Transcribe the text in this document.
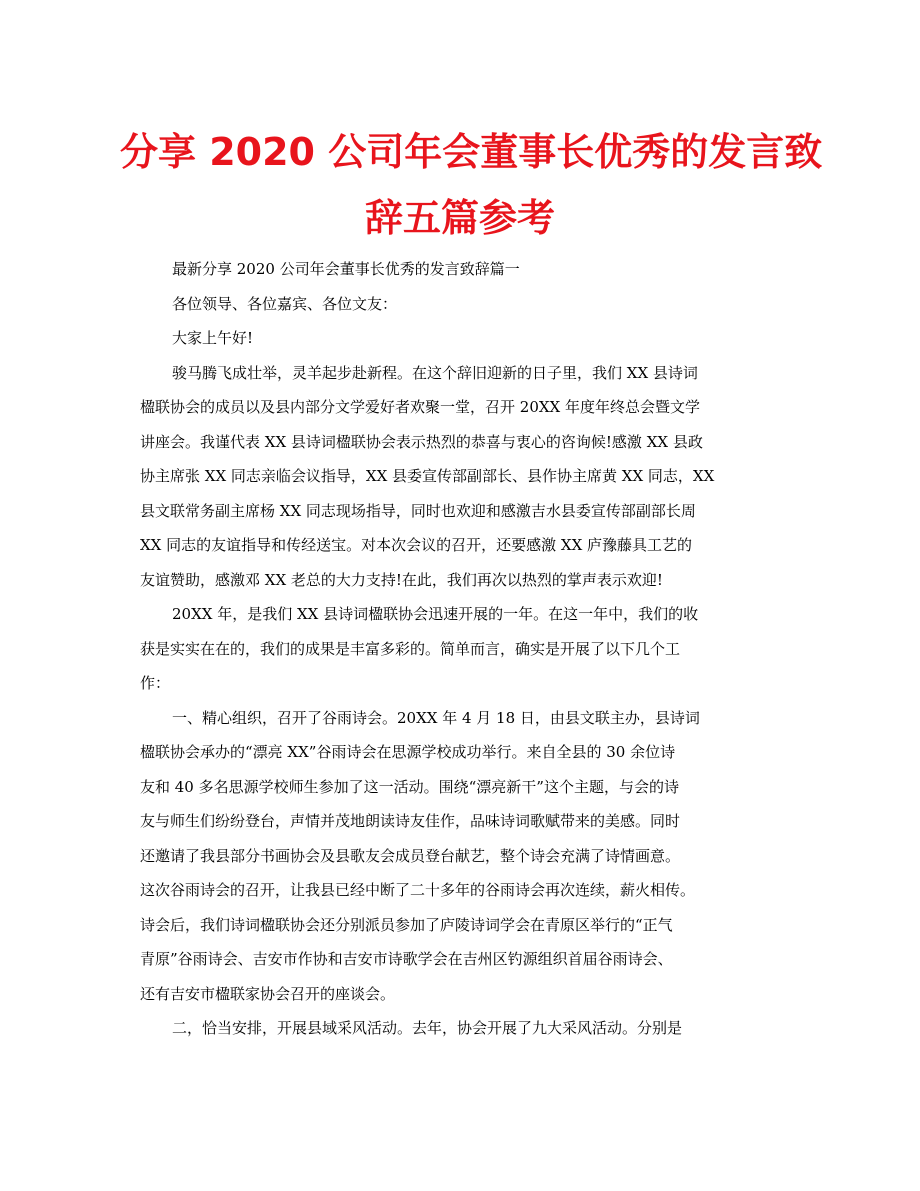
分享 2020 公司年会董事长优秀的发言致
辞五篇参考
最新分享 2020 公司年会董事长优秀的发言致辞篇一
各位领导、各位嘉宾、各位文友：
大家上午好!
骏马腾飞成壮举，灵羊起步赴新程。在这个辞旧迎新的日子里，我们 XX 县诗词
楹联协会的成员以及县内部分文学爱好者欢聚一堂，召开 20XX 年度年终总会暨文学
讲座会。我谨代表 XX 县诗词楹联协会表示热烈的恭喜与衷心的咨询候!感激 XX 县政
协主席张 XX 同志亲临会议指导，XX 县委宣传部副部长、县作协主席黄 XX 同志，XX
县文联常务副主席杨 XX 同志现场指导，同时也欢迎和感激吉水县委宣传部副部长周
XX 同志的友谊指导和传经送宝。对本次会议的召开，还要感激 XX 庐豫藤具工艺的
友谊赞助，感激邓 XX 老总的大力支持!在此，我们再次以热烈的掌声表示欢迎!
20XX 年，是我们 XX 县诗词楹联协会迅速开展的一年。在这一年中，我们的收
获是实实在在的，我们的成果是丰富多彩的。简单而言，确实是开展了以下几个工
作：
一、精心组织，召开了谷雨诗会。20XX 年 4 月 18 日，由县文联主办，县诗词
楹联协会承办的“漂亮 XX”谷雨诗会在思源学校成功举行。来自全县的 30 余位诗
友和 40 多名思源学校师生参加了这一活动。围绕“漂亮新干”这个主题，与会的诗
友与师生们纷纷登台，声情并茂地朗读诗友佳作，品味诗词歌赋带来的美感。同时
还邀请了我县部分书画协会及县歌友会成员登台献艺，整个诗会充满了诗情画意。
这次谷雨诗会的召开，让我县已经中断了二十多年的谷雨诗会再次连续，薪火相传。
诗会后，我们诗词楹联协会还分别派员参加了庐陵诗词学会在青原区举行的“正气
青原”谷雨诗会、吉安市作协和吉安市诗歌学会在吉州区钓源组织首届谷雨诗会、
还有吉安市楹联家协会召开的座谈会。
二，恰当安排，开展县域采风活动。去年，协会开展了九大采风活动。分别是
